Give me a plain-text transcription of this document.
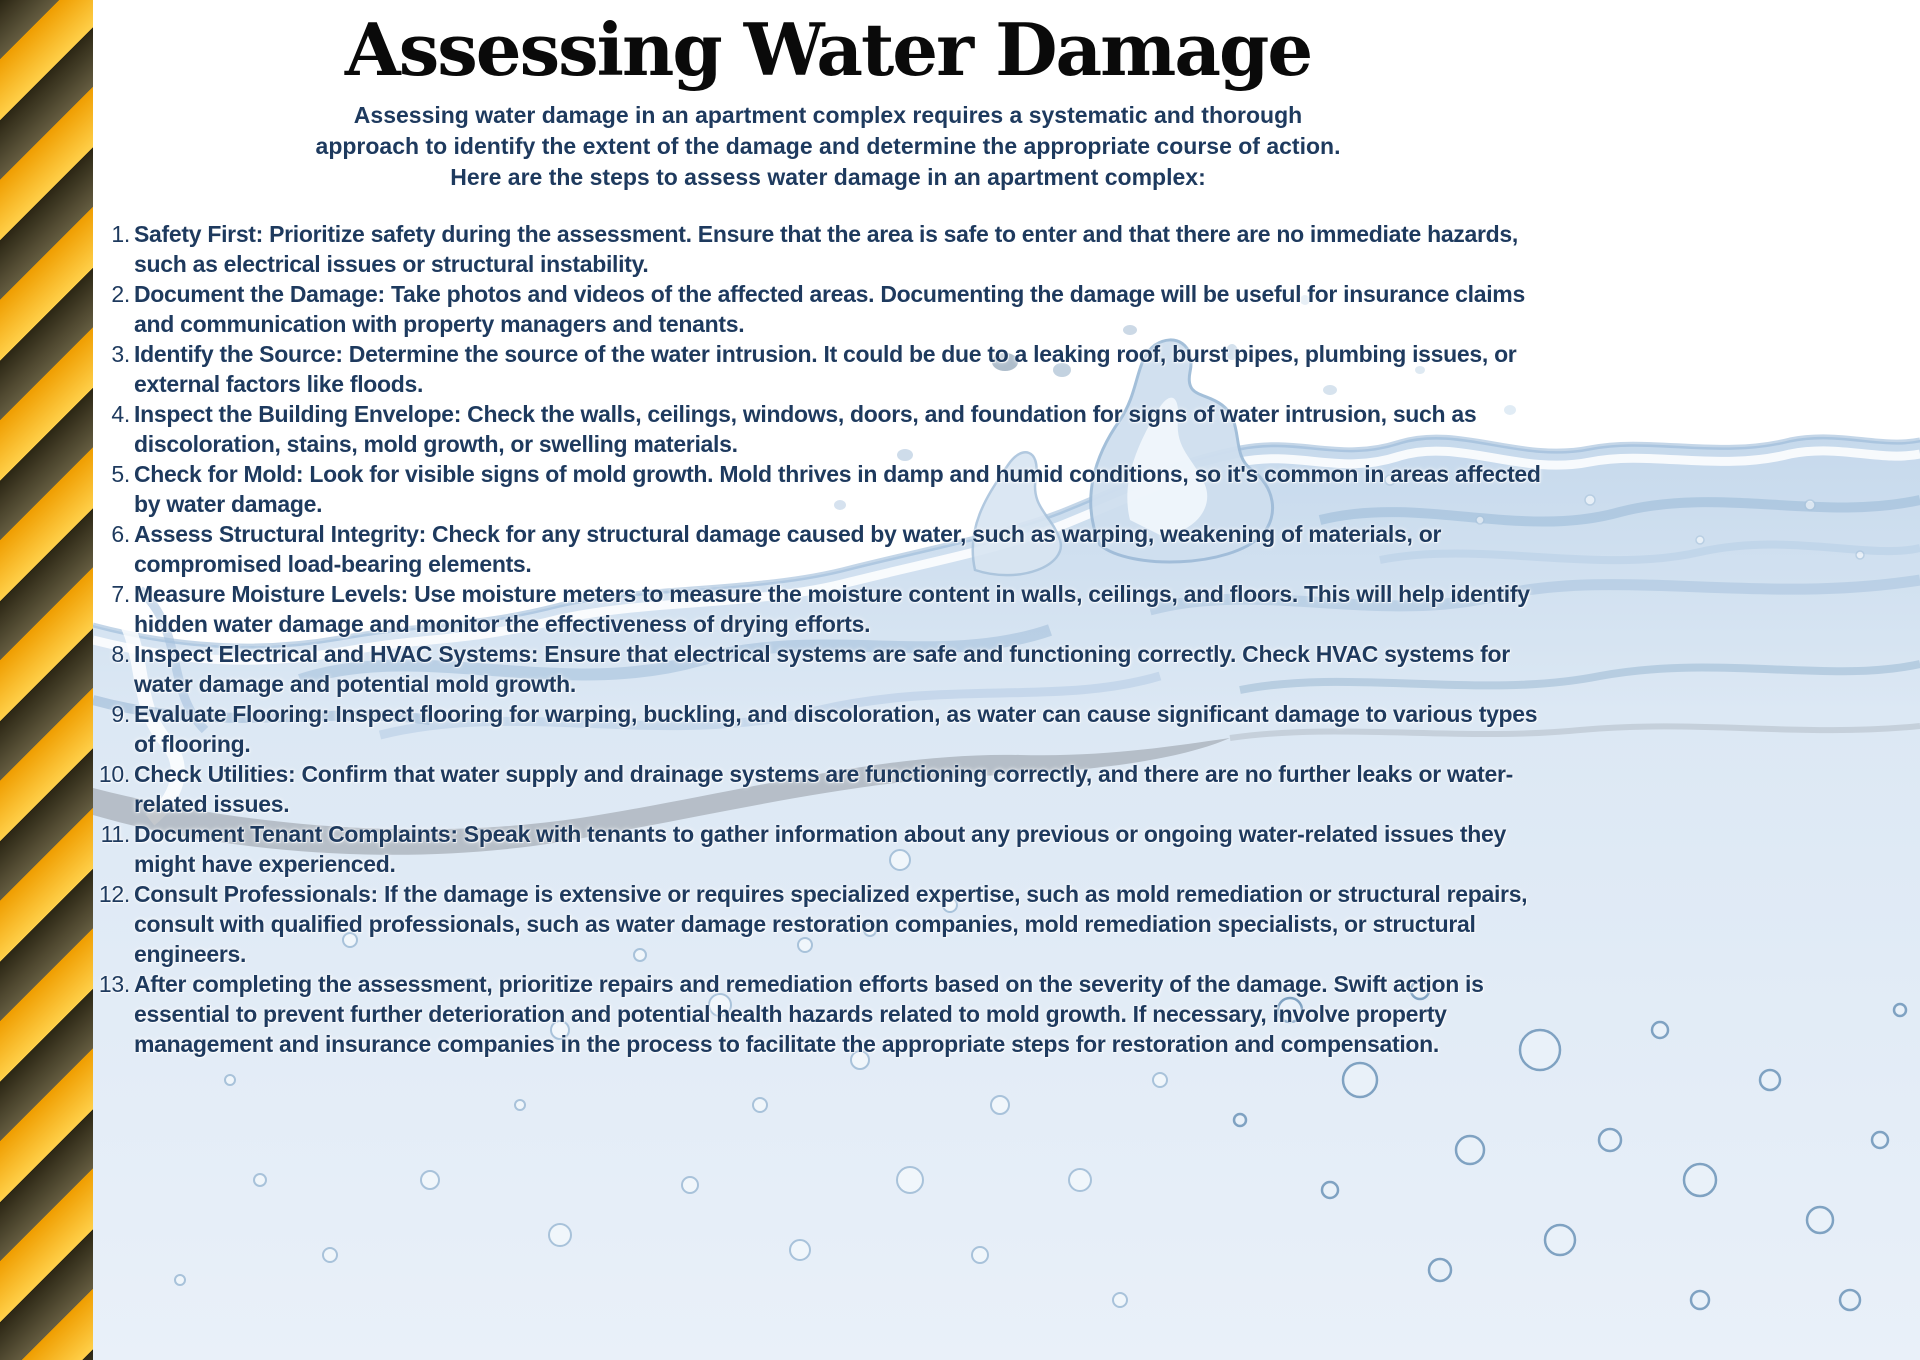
Assessing Water Damage
Assessing water damage in an apartment complex requires a systematic and thorough
approach to identify the extent of the damage and determine the appropriate course of action.
Here are the steps to assess water damage in an apartment complex:
1. Safety First: Prioritize safety during the assessment. Ensure that the area is safe to enter and that there are no immediate hazards, such as electrical issues or structural instability.
2. Document the Damage: Take photos and videos of the affected areas. Documenting the damage will be useful for insurance claims and communication with property managers and tenants.
3. Identify the Source: Determine the source of the water intrusion. It could be due to a leaking roof, burst pipes, plumbing issues, or external factors like floods.
4. Inspect the Building Envelope: Check the walls, ceilings, windows, doors, and foundation for signs of water intrusion, such as discoloration, stains, mold growth, or swelling materials.
5. Check for Mold: Look for visible signs of mold growth. Mold thrives in damp and humid conditions, so it's common in areas affected by water damage.
6. Assess Structural Integrity: Check for any structural damage caused by water, such as warping, weakening of materials, or compromised load-bearing elements.
7. Measure Moisture Levels: Use moisture meters to measure the moisture content in walls, ceilings, and floors. This will help identify hidden water damage and monitor the effectiveness of drying efforts.
8. Inspect Electrical and HVAC Systems: Ensure that electrical systems are safe and functioning correctly. Check HVAC systems for water damage and potential mold growth.
9. Evaluate Flooring: Inspect flooring for warping, buckling, and discoloration, as water can cause significant damage to various types of flooring.
10. Check Utilities: Confirm that water supply and drainage systems are functioning correctly, and there are no further leaks or water-related issues.
11. Document Tenant Complaints: Speak with tenants to gather information about any previous or ongoing water-related issues they might have experienced.
12. Consult Professionals: If the damage is extensive or requires specialized expertise, such as mold remediation or structural repairs, consult with qualified professionals, such as water damage restoration companies, mold remediation specialists, or structural engineers.
13. After completing the assessment, prioritize repairs and remediation efforts based on the severity of the damage. Swift action is essential to prevent further deterioration and potential health hazards related to mold growth. If necessary, involve property management and insurance companies in the process to facilitate the appropriate steps for restoration and compensation.
